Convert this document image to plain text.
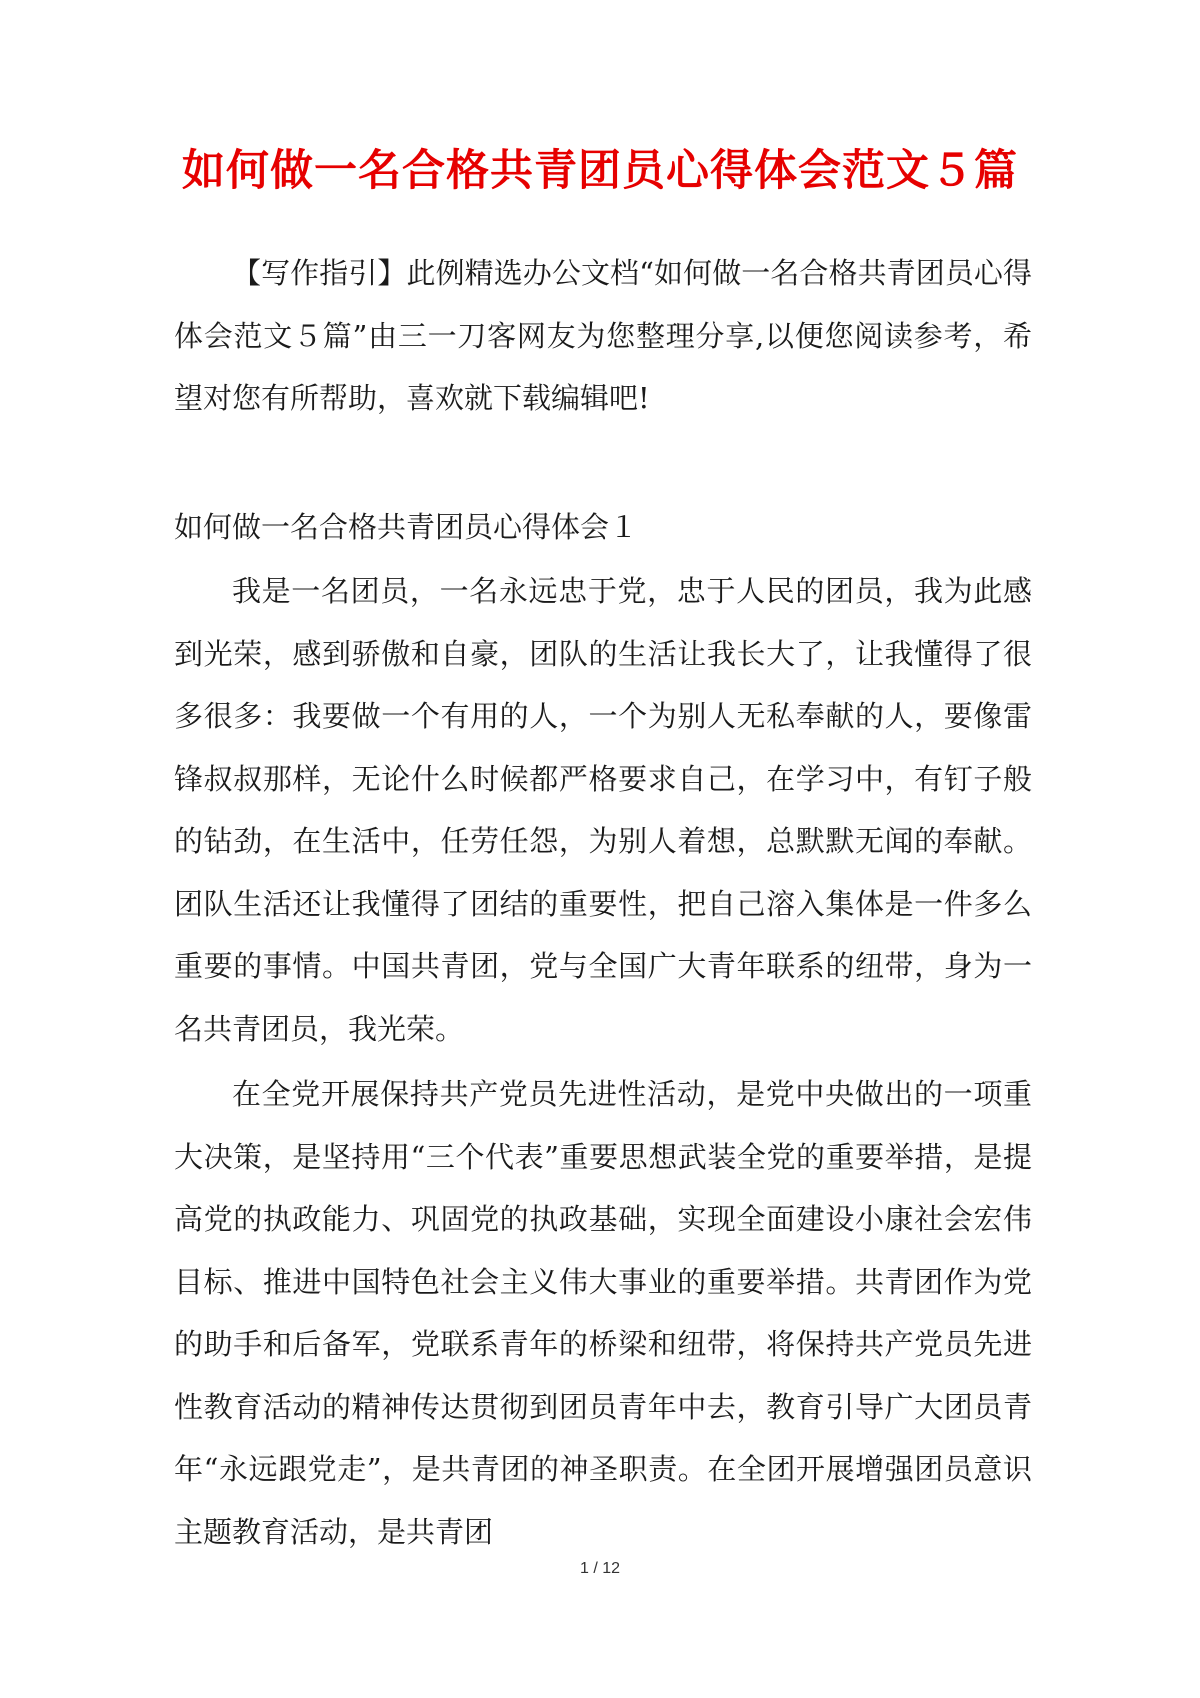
如何做一名合格共青团员心得体会范文５篇

【写作指引】此例精选办公文档“如何做一名合格共青团员心得体会范文５篇”由三一刀客网友为您整理分享,以便您阅读参考，希望对您有所帮助，喜欢就下载编辑吧!

如何做一名合格共青团员心得体会１

我是一名团员，一名永远忠于党，忠于人民的团员，我为此感到光荣，感到骄傲和自豪，团队的生活让我长大了，让我懂得了很多很多：我要做一个有用的人，一个为别人无私奉献的人，要像雷锋叔叔那样，无论什么时候都严格要求自己，在学习中，有钉子般的钻劲，在生活中，任劳任怨，为别人着想，总默默无闻的奉献。团队生活还让我懂得了团结的重要性，把自己溶入集体是一件多么重要的事情。中国共青团，党与全国广大青年联系的纽带，身为一名共青团员，我光荣。

在全党开展保持共产党员先进性活动，是党中央做出的一项重大决策，是坚持用“三个代表”重要思想武装全党的重要举措，是提高党的执政能力、巩固党的执政基础，实现全面建设小康社会宏伟目标、推进中国特色社会主义伟大事业的重要举措。共青团作为党的助手和后备军，党联系青年的桥梁和纽带，将保持共产党员先进性教育活动的精神传达贯彻到团员青年中去，教育引导广大团员青年“永远跟党走”，是共青团的神圣职责。在全团开展增强团员意识主题教育活动，是共青团

1 / 12
